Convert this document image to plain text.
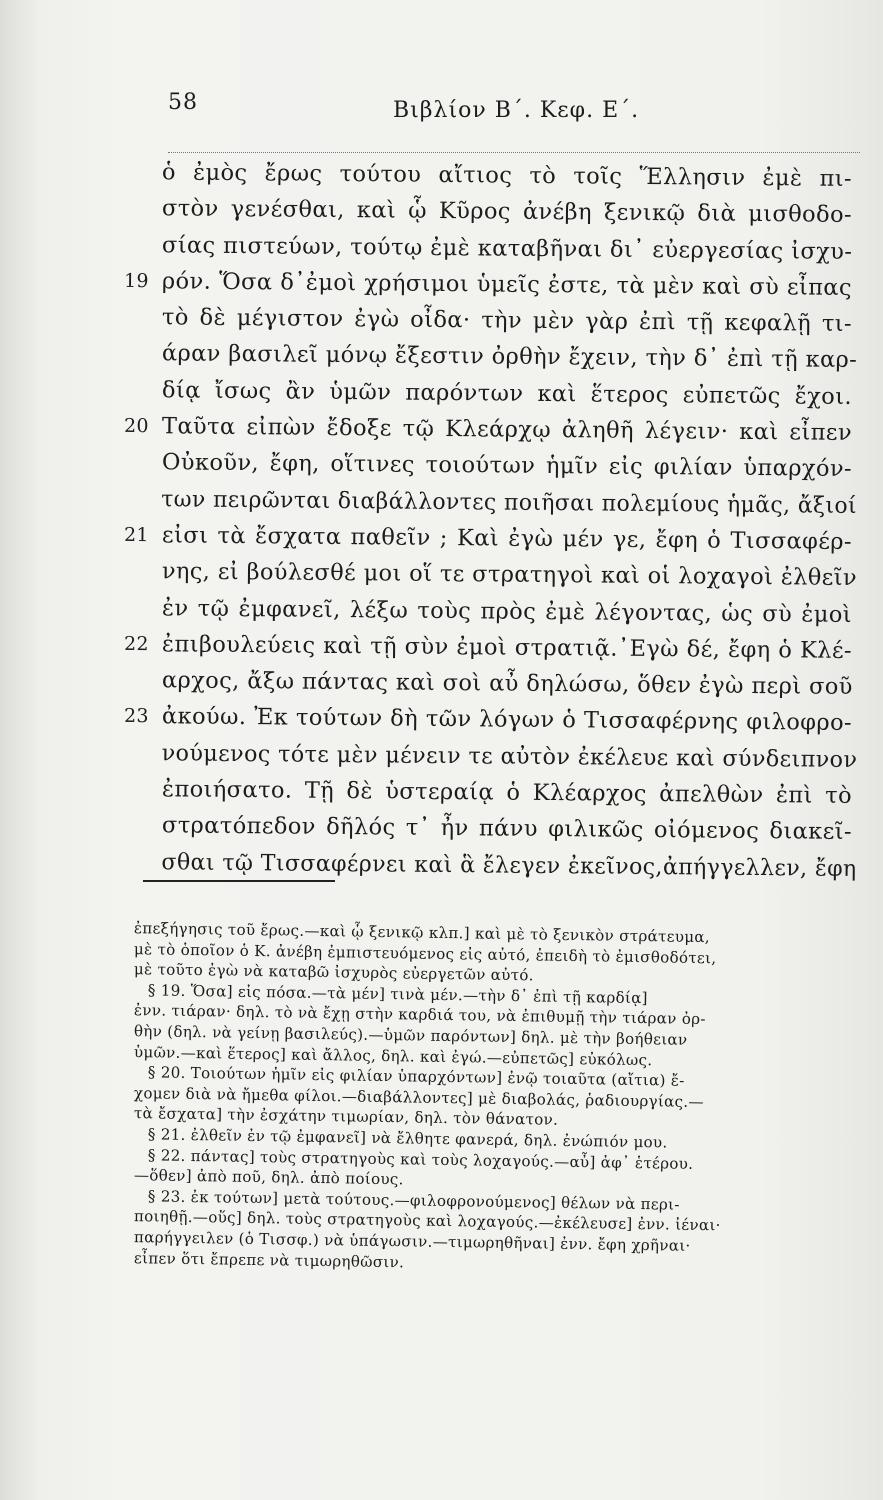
58	Βιβλίον Β΄. Κεφ. Ε΄.
ὁ ἐμὸς ἔρως τούτου αἴτιος τὸ τοῖς Ἕλλησιν ἐμὲ πι-
στὸν γενέσθαι, καὶ ᾧ Κῦρος ἀνέβη ξενικῷ διὰ μισθοδο-
σίας πιστεύων, τούτῳ ἐμὲ καταβῆναι δι᾽ εὐεργεσίας ἰσχυ-
19 ρόν. Ὅσα δ᾽ἐμοὶ χρήσιμοι ὑμεῖς ἐστε, τὰ μὲν καὶ σὺ εἶπας
τὸ δὲ μέγιστον ἐγὼ οἶδα· τὴν μὲν γὰρ ἐπὶ τῇ κεφαλῇ τι-
άραν βασιλεῖ μόνῳ ἔξεστιν ὀρθὴν ἔχειν, τὴν δ᾽ ἐπὶ τῇ καρ-
δίᾳ ἴσως ἂν ὑμῶν παρόντων καὶ ἕτερος εὐπετῶς ἔχοι.
20 Ταῦτα εἰπὼν ἔδοξε τῷ Κλεάρχῳ ἀληθῆ λέγειν· καὶ εἶπεν
Οὐκοῦν, ἔφη, οἵτινες τοιούτων ἡμῖν εἰς φιλίαν ὑπαρχόν-
των πειρῶνται διαβάλλοντες ποιῆσαι πολεμίους ἡμᾶς, ἄξιοί
21 εἰσι τὰ ἔσχατα παθεῖν ; Καὶ ἐγὼ μέν γε, ἔφη ὁ Τισσαφέρ-
νης, εἰ βούλεσθέ μοι οἵ τε στρατηγοὶ καὶ οἱ λοχαγοὶ ἐλθεῖν
ἐν τῷ ἐμφανεῖ, λέξω τοὺς πρὸς ἐμὲ λέγοντας, ὡς σὺ ἐμοὶ
22 ἐπιβουλεύεις καὶ τῇ σὺν ἐμοὶ στρατιᾷ.᾽Εγὼ δέ, ἔφη ὁ Κλέ-
αρχος, ἄξω πάντας καὶ σοὶ αὖ δηλώσω, ὅθεν ἐγὼ περὶ σοῦ
23 ἀκούω. Ἐκ τούτων δὴ τῶν λόγων ὁ Τισσαφέρνης φιλοφρο-
νούμενος τότε μὲν μένειν τε αὐτὸν ἐκέλευε καὶ σύνδειπνον
ἐποιήσατο. Τῇ δὲ ὑστεραίᾳ ὁ Κλέαρχος ἀπελθὼν ἐπὶ τὸ
στρατόπεδον δῆλός τ᾽ ἦν πάνυ φιλικῶς οἰόμενος διακεῖ-
σθαι τῷ Τισσαφέρνει καὶ ἃ ἔλεγεν ἐκεῖνος,ἀπήγγελλεν, ἔφη
ἐπεξήγησις τοῦ ἔρως.—καὶ ᾧ ξενικῷ κλπ.] καὶ μὲ τὸ ξενικὸν στράτευμα,
μὲ τὸ ὁποῖον ὁ Κ. ἀνέβη ἐμπιστευόμενος εἰς αὐτό, ἐπειδὴ τὸ ἐμισθοδότει,
μὲ τοῦτο ἐγὼ νὰ καταβῶ ἰσχυρὸς εὐεργετῶν αὐτό.
§ 19. Ὅσα] εἰς πόσα.—τὰ μέν] τινὰ μέν.—τὴν δ᾽ ἐπὶ τῇ καρδίᾳ]
ἐνν. τιάραν· δηλ. τὸ νὰ ἔχῃ στὴν καρδιά του, νὰ ἐπιθυμῇ τὴν τιάραν ὀρ-
θὴν (δηλ. νὰ γείνῃ βασιλεύς).—ὑμῶν παρόντων] δηλ. μὲ τὴν βοήθειαν
ὑμῶν.—καὶ ἕτερος] καὶ ἄλλος, δηλ. καὶ ἐγώ.—εὐπετῶς] εὐκόλως.
§ 20. Τοιούτων ἡμῖν εἰς φιλίαν ὑπαρχόντων] ἐνῷ τοιαῦτα (αἴτια) ἔ-
χομεν διὰ νὰ ἤμεθα φίλοι.—διαβάλλοντες] μὲ διαβολάς, ῥαδιουργίας.—
τὰ ἔσχατα] τὴν ἐσχάτην τιμωρίαν, δηλ. τὸν θάνατον.
§ 21. ἐλθεῖν ἐν τῷ ἐμφανεῖ] νὰ ἔλθητε φανερά, δηλ. ἐνώπιόν μου.
§ 22. πάντας] τοὺς στρατηγοὺς καὶ τοὺς λοχαγούς.—αὖ] ἀφ᾽ ἑτέρου.
—ὅθεν] ἀπὸ ποῦ, δηλ. ἀπὸ ποίους.
§ 23. ἐκ τούτων] μετὰ τούτους.—φιλοφρονούμενος] θέλων νὰ περι-
ποιηθῇ.—οὕς] δηλ. τοὺς στρατηγοὺς καὶ λοχαγούς.—ἐκέλευσε] ἐνν. ἰέναι·
παρήγγειλεν (ὁ Τισσφ.) νὰ ὑπάγωσιν.—τιμωρηθῆναι] ἐνν. ἔφη χρῆναι·
εἶπεν ὅτι ἔπρεπε νὰ τιμωρηθῶσιν.
